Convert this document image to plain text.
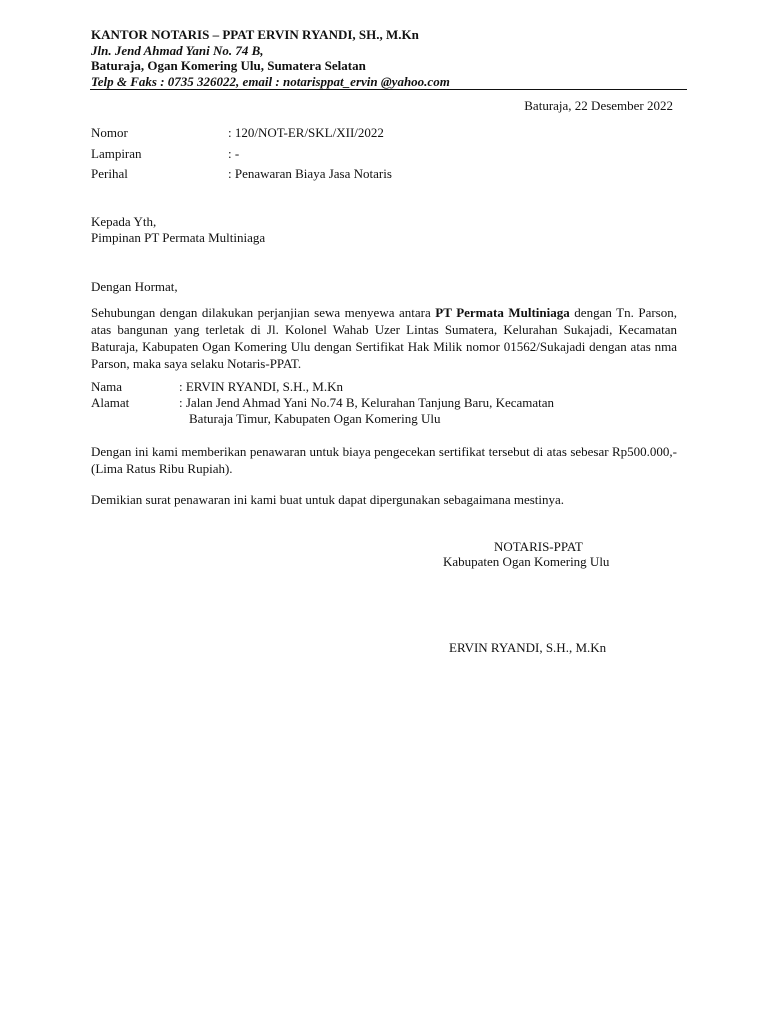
KANTOR NOTARIS – PPAT ERVIN RYANDI, SH., M.Kn
Jln. Jend Ahmad Yani No. 74 B,
Baturaja, Ogan Komering Ulu, Sumatera Selatan
Telp & Faks : 0735 326022, email : notarisppat_ervin @yahoo.com
Baturaja, 22 Desember 2022
Nomor	: 120/NOT-ER/SKL/XII/2022
Lampiran	: -
Perihal	: Penawaran Biaya Jasa Notaris
Kepada Yth,
Pimpinan PT Permata Multiniaga
Dengan Hormat,
Sehubungan dengan dilakukan perjanjian sewa menyewa antara PT Permata Multiniaga dengan Tn. Parson, atas bangunan yang terletak di Jl. Kolonel Wahab Uzer Lintas Sumatera, Kelurahan Sukajadi, Kecamatan Baturaja, Kabupaten Ogan Komering Ulu dengan Sertifikat Hak Milik nomor 01562/Sukajadi dengan atas nma Parson, maka saya selaku Notaris-PPAT.
Nama	: ERVIN RYANDI, S.H., M.Kn
Alamat	: Jalan Jend Ahmad Yani No.74 B, Kelurahan Tanjung Baru, Kecamatan
Baturaja Timur, Kabupaten Ogan Komering Ulu
Dengan ini kami memberikan penawaran untuk biaya pengecekan sertifikat tersebut di atas sebesar Rp500.000,- (Lima Ratus Ribu Rupiah).
Demikian surat penawaran ini kami buat untuk dapat dipergunakan sebagaimana mestinya.
NOTARIS-PPAT
Kabupaten Ogan Komering Ulu
ERVIN RYANDI, S.H., M.Kn
